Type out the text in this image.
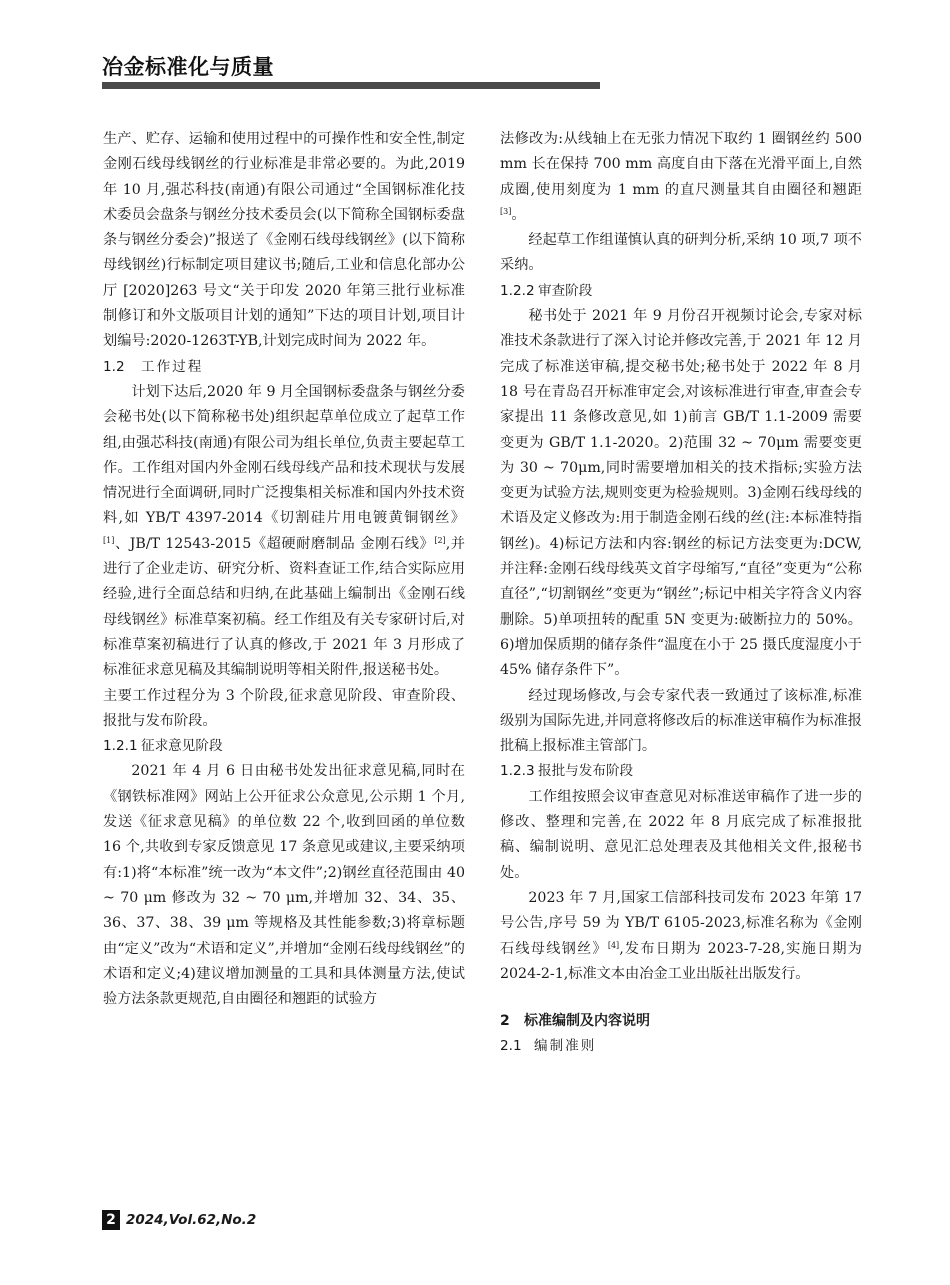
冶金标准化与质量

生产、贮存、运输和使用过程中的可操作性和安全性,制定金刚石线母线钢丝的行业标准是非常必要的。为此,2019 年 10 月,强芯科技(南通)有限公司通过“全国钢标准化技术委员会盘条与钢丝分技术委员会(以下简称全国钢标委盘条与钢丝分委会)”报送了《金刚石线母线钢丝》(以下简称母线钢丝)行标制定项目建议书;随后,工业和信息化部办公厅 [2020]263 号文“关于印发 2020 年第三批行业标准制修订和外文版项目计划的通知”下达的项目计划,项目计划编号:2020-1263T-YB,计划完成时间为 2022 年。

1.2 工作过程

计划下达后,2020 年 9 月全国钢标委盘条与钢丝分委会秘书处(以下简称秘书处)组织起草单位成立了起草工作组,由强芯科技(南通)有限公司为组长单位,负责主要起草工作。工作组对国内外金刚石线母线产品和技术现状与发展情况进行全面调研,同时广泛搜集相关标准和国内外技术资料,如 YB/T 4397-2014《切割硅片用电镀黄铜钢丝》[1]、JB/T 12543-2015《超硬耐磨制品 金刚石线》[2],并进行了企业走访、研究分析、资料查证工作,结合实际应用经验,进行全面总结和归纳,在此基础上编制出《金刚石线母线钢丝》标准草案初稿。经工作组及有关专家研讨后,对标准草案初稿进行了认真的修改,于 2021 年 3 月形成了标准征求意见稿及其编制说明等相关附件,报送秘书处。

主要工作过程分为 3 个阶段,征求意见阶段、审查阶段、报批与发布阶段。

1.2.1 征求意见阶段

2021 年 4 月 6 日由秘书处发出征求意见稿,同时在《钢铁标准网》网站上公开征求公众意见,公示期 1 个月,发送《征求意见稿》的单位数 22 个,收到回函的单位数 16 个,共收到专家反馈意见 17 条意见或建议,主要采纳项有:1)将“本标准”统一改为“本文件”;2)钢丝直径范围由 40 ~ 70 μm 修改为 32 ~ 70 μm,并增加 32、34、35、36、37、38、39 μm 等规格及其性能参数;3)将章标题由“定义”改为“术语和定义”,并增加“金刚石线母线钢丝”的术语和定义;4)建议增加测量的工具和具体测量方法,使试验方法条款更规范,自由圈径和翘距的试验方

法修改为:从线轴上在无张力情况下取约 1 圈钢丝约 500 mm 长在保持 700 mm 高度自由下落在光滑平面上,自然成圈,使用刻度为 1 mm 的直尺测量其自由圈径和翘距[3]。

经起草工作组谨慎认真的研判分析,采纳 10 项,7 项不采纳。

1.2.2 审查阶段

秘书处于 2021 年 9 月份召开视频讨论会,专家对标准技术条款进行了深入讨论并修改完善,于 2021 年 12 月完成了标准送审稿,提交秘书处;秘书处于 2022 年 8 月 18 号在青岛召开标准审定会,对该标准进行审查,审查会专家提出 11 条修改意见,如 1)前言 GB/T 1.1-2009 需要变更为 GB/T 1.1-2020。2)范围 32 ~ 70μm 需要变更为 30 ~ 70μm,同时需要增加相关的技术指标;实验方法变更为试验方法,规则变更为检验规则。3)金刚石线母线的术语及定义修改为:用于制造金刚石线的丝(注:本标准特指钢丝)。4)标记方法和内容:钢丝的标记方法变更为:DCW,并注释:金刚石线母线英文首字母缩写,“直径”变更为“公称直径”,“切割钢丝”变更为“钢丝”;标记中相关字符含义内容删除。5)单项扭转的配重 5N 变更为:破断拉力的 50%。6)增加保质期的储存条件“温度在小于 25 摄氏度湿度小于 45% 储存条件下”。

经过现场修改,与会专家代表一致通过了该标准,标准级别为国际先进,并同意将修改后的标准送审稿作为标准报批稿上报标准主管部门。

1.2.3 报批与发布阶段

工作组按照会议审查意见对标准送审稿作了进一步的修改、整理和完善,在 2022 年 8 月底完成了标准报批稿、编制说明、意见汇总处理表及其他相关文件,报秘书处。

2023 年 7 月,国家工信部科技司发布 2023 年第 17 号公告,序号 59 为 YB/T 6105-2023,标准名称为《金刚石线母线钢丝》[4],发布日期为 2023-7-28,实施日期为 2024-2-1,标准文本由冶金工业出版社出版发行。

2 标准编制及内容说明

2.1 编制准则

2 2024,Vol.62,No.2
